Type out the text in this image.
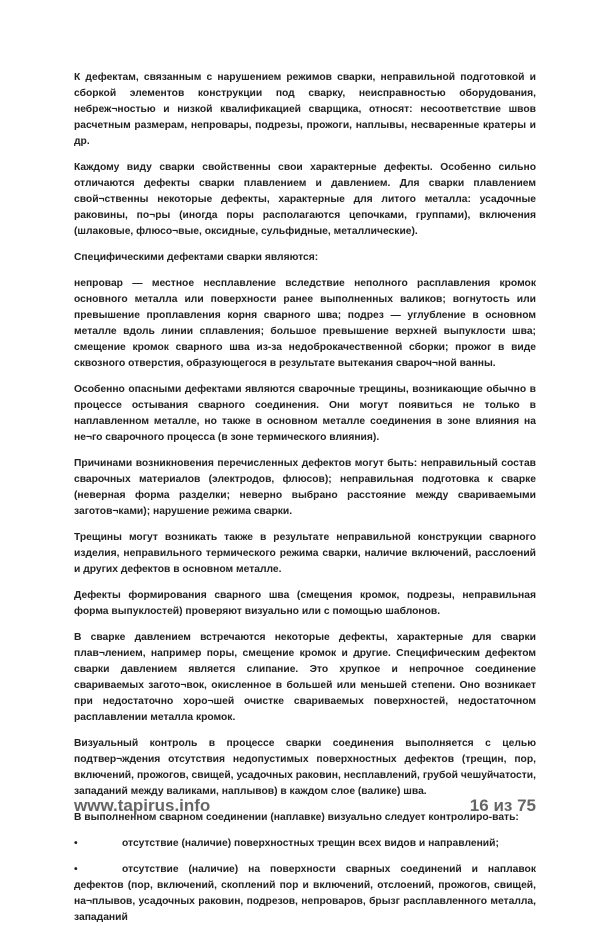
К дефектам, связанным с нарушением режимов сварки, неправильной подготовкой и сборкой элементов конструкции под сварку, неисправностью оборудования, небреж¬ностью и низкой квалификацией сварщика, относят: несоответствие швов расчетным размерам, непровары, подрезы, прожоги, наплывы, несваренные кратеры и др.

Каждому виду сварки свойственны свои характерные дефекты. Особенно сильно отличаются дефекты сварки плавлением и давлением. Для сварки плавлением свой¬ственны некоторые дефекты, характерные для литого металла: усадочные раковины, по¬ры (иногда поры располагаются цепочками, группами), включения (шлаковые, флюсо¬вые, оксидные, сульфидные, металлические).

Специфическими дефектами сварки являются:

непровар — местное несплавление вследствие неполного расплавления кромок основного металла или поверхности ранее выполненных валиков; вогнутость или превышение проплавления корня сварного шва; подрез — углубление в основном металле вдоль линии сплавления; большое превышение верхней выпуклости шва; смещение кромок сварного шва из-за недоброкачественной сборки; прожог в виде сквозного отверстия, образующегося в результате вытекания свароч¬ной ванны.

Особенно опасными дефектами являются сварочные трещины, возникающие обычно в процессе остывания сварного соединения. Они могут появиться не только в наплавленном металле, но также в основном металле соединения в зоне влияния на не¬го сварочного процесса (в зоне термического влияния).

Причинами возникновения перечисленных дефектов могут быть: неправильный состав сварочных материалов (электродов, флюсов); неправильная подготовка к сварке (неверная форма разделки; неверно выбрано расстояние между свариваемыми заготов¬ками); нарушение режима сварки.

Трещины могут возникать также в результате неправильной конструкции сварного изделия, неправильного термического режима сварки, наличие включений, расслоений и других дефектов в основном металле.

Дефекты формирования сварного шва (смещения кромок, подрезы, неправильная форма выпуклостей) проверяют визуально или с помощью шаблонов.

В сварке давлением встречаются некоторые дефекты, характерные для сварки плав¬лением, например поры, смещение кромок и другие. Специфическим дефектом сварки давлением является слипание. Это хрупкое и непрочное соединение свариваемых загото¬вок, окисленное в большей или меньшей степени. Оно возникает при недостаточно хоро¬шей очистке свариваемых поверхностей, недостаточном расплавлении металла кромок.

Визуальный контроль в процессе сварки соединения выполняется с целью подтвер¬ждения отсутствия недопустимых поверхностных дефектов (трещин, пор, включений, прожогов, свищей, усадочных раковин, несплавлений, грубой чешуйчатости, западаний между валиками, наплывов) в каждом слое (валике) шва.

В выполненном сварном соединении (наплавке) визуально следует контролиро-вать:

•	отсутствие (наличие) поверхностных трещин всех видов и направлений;

•	отсутствие (наличие) на поверхности сварных соединений и наплавок дефектов (пор, включений, скоплений пор и включений, отслоений, прожогов, свищей, на¬плывов, усадочных раковин, подрезов, непроваров, брызг расплавленного металла, западаний

www.tapirus.info	16 из 75
